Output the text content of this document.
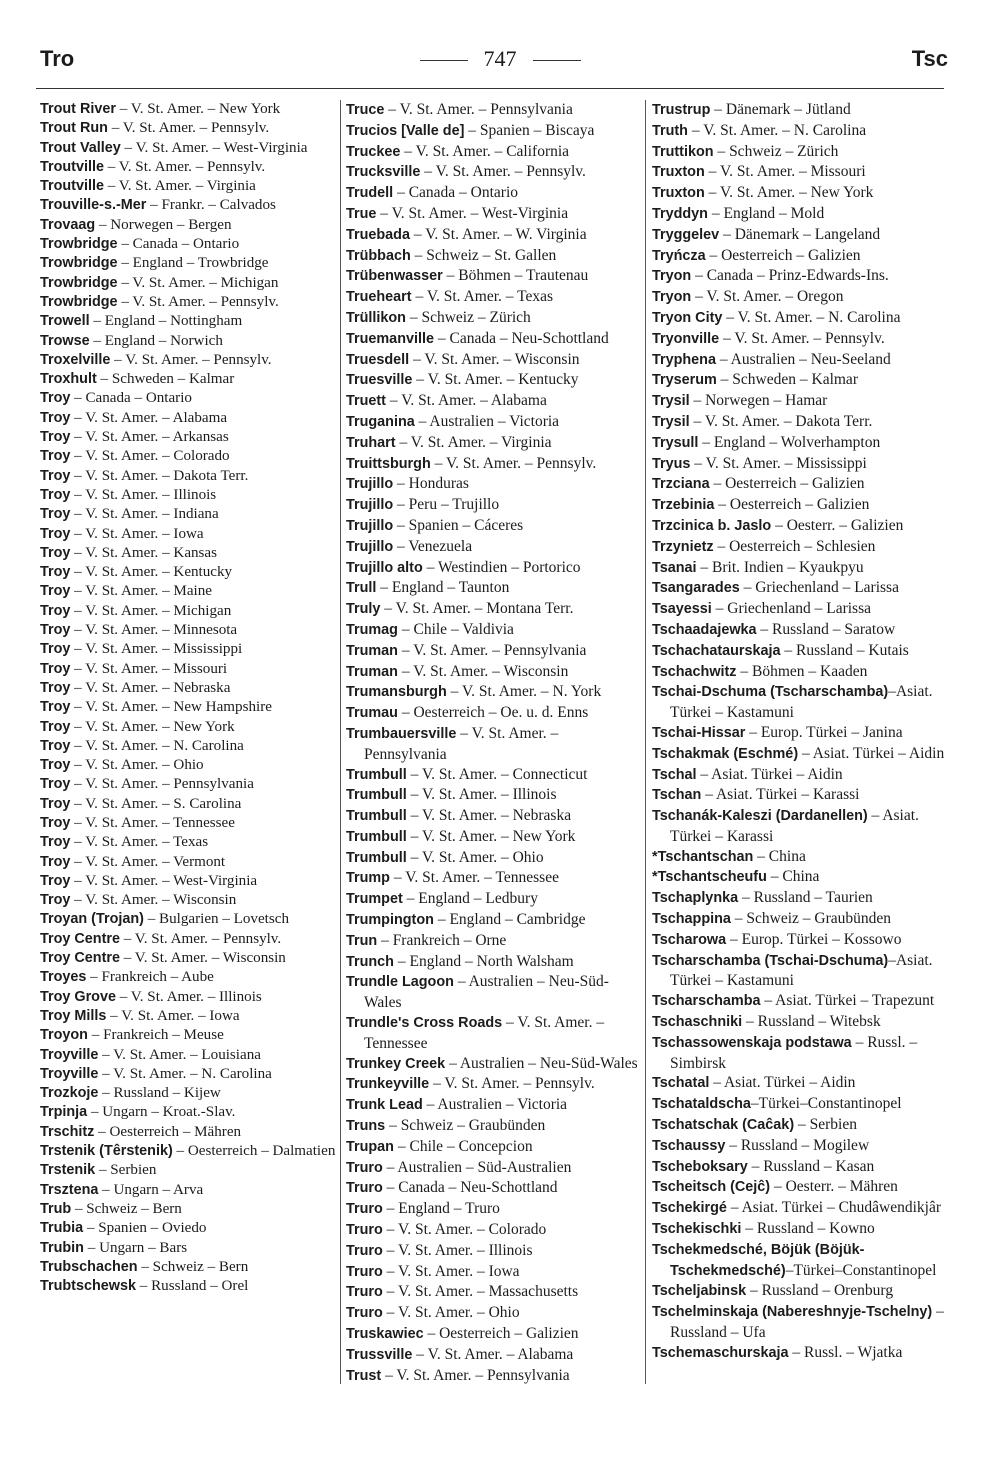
Tro	747	Tsc

Trout River – V. St. Amer. – New York

Trout Run – V. St. Amer. – Pennsylv.

Trout Valley – V. St. Amer. – West-Virginia

Troutville – V. St. Amer. – Pennsylv.

Troutville – V. St. Amer. – Virginia

Trouville-s.-Mer – Frankr. – Calvados

Trovaag – Norwegen – Bergen

Trowbridge – Canada – Ontario

Trowbridge – England – Trowbridge

Trowbridge – V. St. Amer. – Michigan

Trowbridge – V. St. Amer. – Pennsylv.

Trowell – England – Nottingham

Trowse – England – Norwich

Troxelville – V. St. Amer. – Pennsylv.

Troxhult – Schweden – Kalmar

Troy – Canada – Ontario

Troy – V. St. Amer. – Alabama

Troy – V. St. Amer. – Arkansas

Troy – V. St. Amer. – Colorado

Troy – V. St. Amer. – Dakota Terr.

Troy – V. St. Amer. – Illinois

Troy – V. St. Amer. – Indiana

Troy – V. St. Amer. – Iowa

Troy – V. St. Amer. – Kansas

Troy – V. St. Amer. – Kentucky

Troy – V. St. Amer. – Maine

Troy – V. St. Amer. – Michigan

Troy – V. St. Amer. – Minnesota

Troy – V. St. Amer. – Mississippi

Troy – V. St. Amer. – Missouri

Troy – V. St. Amer. – Nebraska

Troy – V. St. Amer. – New Hampshire

Troy – V. St. Amer. – New York

Troy – V. St. Amer. – N. Carolina

Troy – V. St. Amer. – Ohio

Troy – V. St. Amer. – Pennsylvania

Troy – V. St. Amer. – S. Carolina

Troy – V. St. Amer. – Tennessee

Troy – V. St. Amer. – Texas

Troy – V. St. Amer. – Vermont

Troy – V. St. Amer. – West-Virginia

Troy – V. St. Amer. – Wisconsin

Troyan (Trojan) – Bulgarien – Lovetsch

Troy Centre – V. St. Amer. – Pennsylv.

Troy Centre – V. St. Amer. – Wisconsin

Troyes – Frankreich – Aube

Troy Grove – V. St. Amer. – Illinois

Troy Mills – V. St. Amer. – Iowa

Troyon – Frankreich – Meuse

Troyville – V. St. Amer. – Louisiana

Troyville – V. St. Amer. – N. Carolina

Trozkoje – Russland – Kijew

Trpinja – Ungarn – Kroat.-Slav.

Trschitz – Oesterreich – Mähren

Trstenik (Têrstenik) – Oesterreich – Dalmatien

Trstenik – Serbien

Trsztena – Ungarn – Arva

Trub – Schweiz – Bern

Trubia – Spanien – Oviedo

Trubin – Ungarn – Bars

Trubschachen – Schweiz – Bern

Trubtschewsk – Russland – Orel

Truce – V. St. Amer. – Pennsylvania

Trucios [Valle de] – Spanien – Biscaya

Truckee – V. St. Amer. – California

Trucksville – V. St. Amer. – Pennsylv.

Trudell – Canada – Ontario

True – V. St. Amer. – West-Virginia

Truebada – V. St. Amer. – W. Virginia

Trübbach – Schweiz – St. Gallen

Trübenwasser – Böhmen – Trautenau

Trueheart – V. St. Amer. – Texas

Trüllikon – Schweiz – Zürich

Truemanville – Canada – Neu-Schottland

Truesdell – V. St. Amer. – Wisconsin

Truesville – V. St. Amer. – Kentucky

Truett – V. St. Amer. – Alabama

Truganina – Australien – Victoria

Truhart – V. St. Amer. – Virginia

Truittsburgh – V. St. Amer. – Pennsylv.

Trujillo – Honduras

Trujillo – Peru – Trujillo

Trujillo – Spanien – Cáceres

Trujillo – Venezuela

Trujillo alto – Westindien – Portorico

Trull – England – Taunton

Truly – V. St. Amer. – Montana Terr.

Trumag – Chile – Valdivia

Truman – V. St. Amer. – Pennsylvania

Truman – V. St. Amer. – Wisconsin

Trumansburgh – V. St. Amer. – N. York

Trumau – Oesterreich – Oe. u. d. Enns

Trumbauersville – V. St. Amer. – Pennsylvania

Trumbull – V. St. Amer. – Connecticut

Trumbull – V. St. Amer. – Illinois

Trumbull – V. St. Amer. – Nebraska

Trumbull – V. St. Amer. – New York

Trumbull – V. St. Amer. – Ohio

Trump – V. St. Amer. – Tennessee

Trumpet – England – Ledbury

Trumpington – England – Cambridge

Trun – Frankreich – Orne

Trunch – England – North Walsham

Trundle Lagoon – Australien – Neu-Süd-Wales

Trundle's Cross Roads – V. St. Amer. – Tennessee

Trunkey Creek – Australien – Neu-Süd-Wales

Trunkeyville – V. St. Amer. – Pennsylv.

Trunk Lead – Australien – Victoria

Truns – Schweiz – Graubünden

Trupan – Chile – Concepcion

Truro – Australien – Süd-Australien

Truro – Canada – Neu-Schottland

Truro – England – Truro

Truro – V. St. Amer. – Colorado

Truro – V. St. Amer. – Illinois

Truro – V. St. Amer. – Iowa

Truro – V. St. Amer. – Massachusetts

Truro – V. St. Amer. – Ohio

Truskawiec – Oesterreich – Galizien

Trussville – V. St. Amer. – Alabama

Trust – V. St. Amer. – Pennsylvania

Trustrup – Dänemark – Jütland

Truth – V. St. Amer. – N. Carolina

Truttikon – Schweiz – Zürich

Truxton – V. St. Amer. – Missouri

Truxton – V. St. Amer. – New York

Tryddyn – England – Mold

Tryggelev – Dänemark – Langeland

Tryńcza – Oesterreich – Galizien

Tryon – Canada – Prinz-Edwards-Ins.

Tryon – V. St. Amer. – Oregon

Tryon City – V. St. Amer. – N. Carolina

Tryonville – V. St. Amer. – Pennsylv.

Tryphena – Australien – Neu-Seeland

Tryserum – Schweden – Kalmar

Trysil – Norwegen – Hamar

Trysil – V. St. Amer. – Dakota Terr.

Trysull – England – Wolverhampton

Tryus – V. St. Amer. – Mississippi

Trzciana – Oesterreich – Galizien

Trzebinia – Oesterreich – Galizien

Trzcinica b. Jaslo – Oesterr. – Galizien

Trzynietz – Oesterreich – Schlesien

Tsanai – Brit. Indien – Kyaukpyu

Tsangarades – Griechenland – Larissa

Tsayessi – Griechenland – Larissa

Tschaadajewka – Russland – Saratow

Tschachataurskaja – Russland – Kutais

Tschachwitz – Böhmen – Kaaden

Tschai-Dschuma (Tscharschamba)–Asiat. Türkei – Kastamuni

Tschai-Hissar – Europ. Türkei – Janina

Tschakmak (Eschmé) – Asiat. Türkei – Aidin

Tschal – Asiat. Türkei – Aidin

Tschan – Asiat. Türkei – Karassi

Tschanák-Kaleszi (Dardanellen) – Asiat. Türkei – Karassi

*Tschantschan – China

*Tschantscheufu – China

Tschaplynka – Russland – Taurien

Tschappina – Schweiz – Graubünden

Tscharowa – Europ. Türkei – Kossowo

Tscharschamba (Tschai-Dschuma)–Asiat. Türkei – Kastamuni

Tscharschamba – Asiat. Türkei – Trapezunt

Tschaschniki – Russland – Witebsk

Tschassowenskaja podstawa – Russl. – Simbirsk

Tschatal – Asiat. Türkei – Aidin

Tschataldscha–Türkei–Constantinopel

Tschatschak (Caĉak) – Serbien

Tschaussy – Russland – Mogilew

Tscheboksary – Russland – Kasan

Tscheitsch (Cejĉ) – Oesterr. – Mähren

Tschekirgé – Asiat. Türkei – Chudâwendikjâr

Tschekischki – Russland – Kowno

Tschekmedsché, Böjük (Böjük-Tschekmedsché)–Türkei–Constantinopel

Tscheljabinsk – Russland – Orenburg

Tschelminskaja (Nabereshnyje-Tschelny) – Russland – Ufa

Tschemaschurskaja – Russl. – Wjatka
